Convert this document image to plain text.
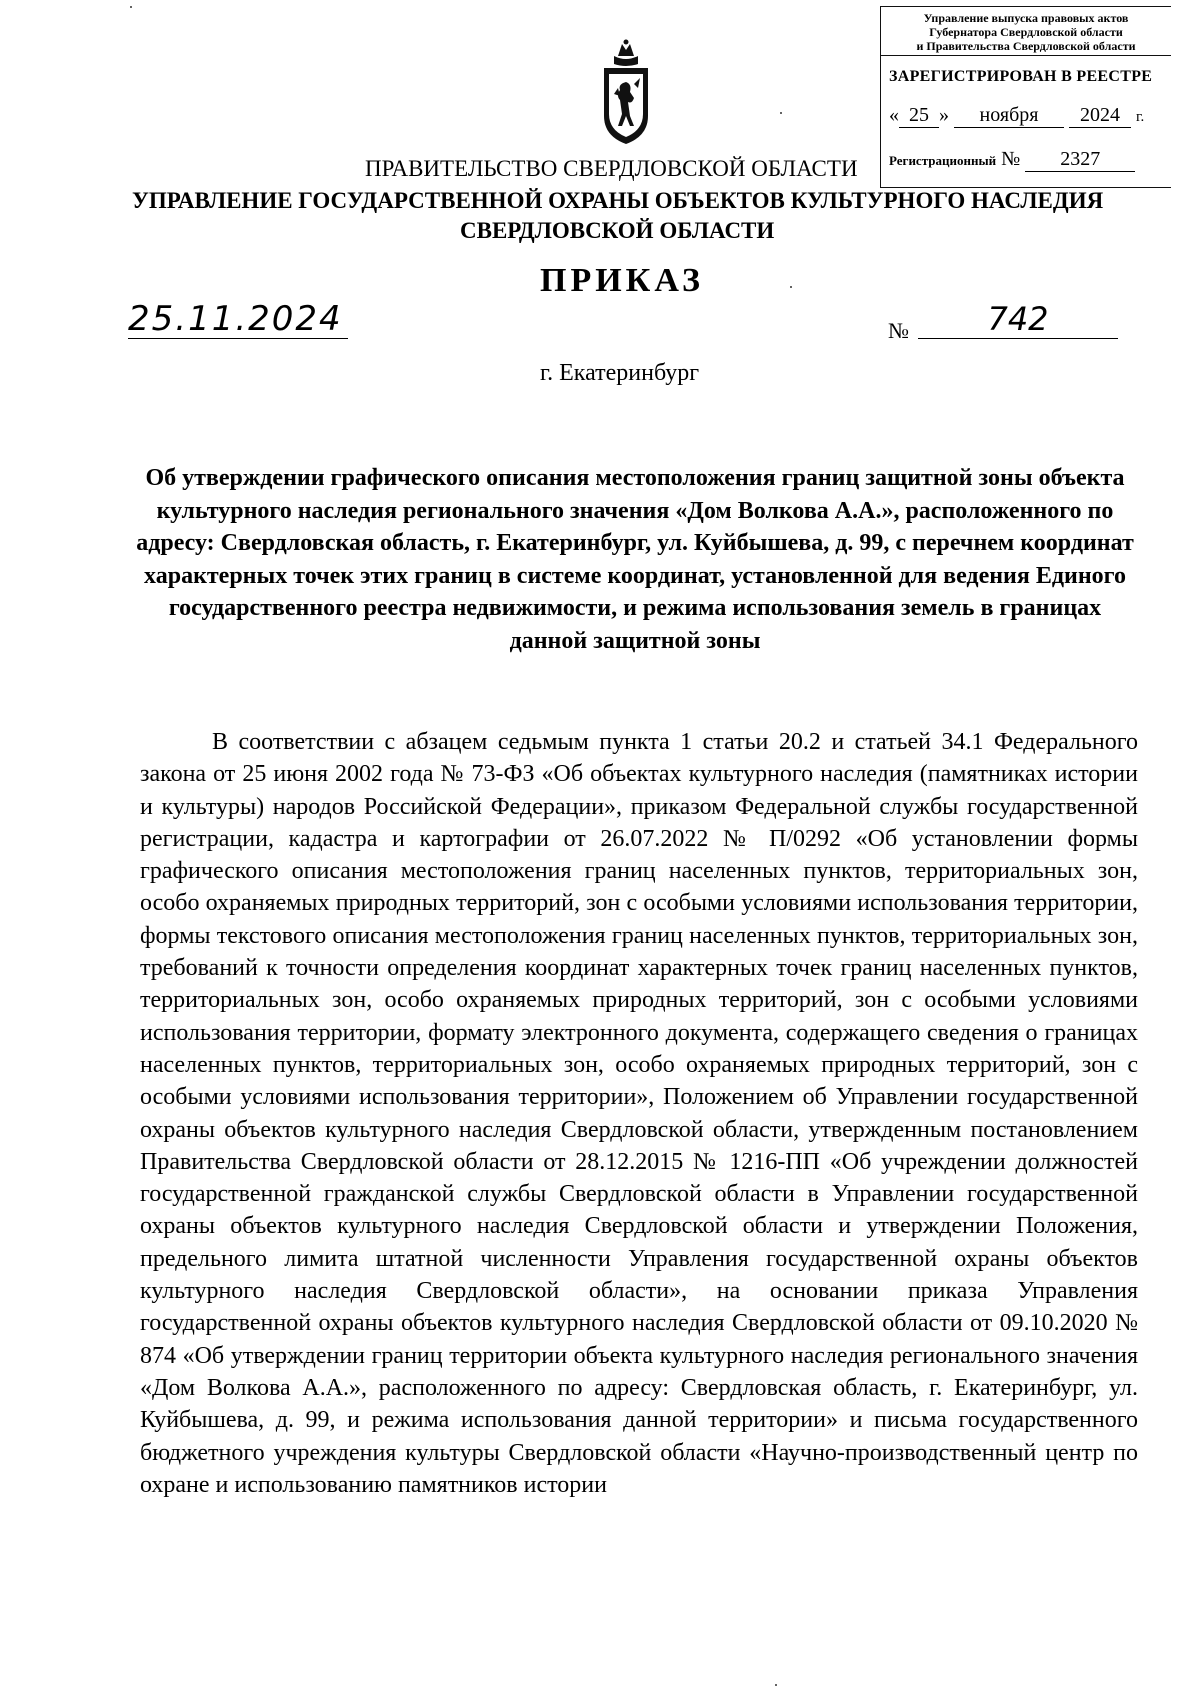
Управление выпуска правовых актов
Губернатора Свердловской области
и Правительства Свердловской области
ЗАРЕГИСТРИРОВАН В РЕЕСТРЕ
« 25 » ноября 2024 г.
Регистрационный № 2327
ПРАВИТЕЛЬСТВО СВЕРДЛОВСКОЙ ОБЛАСТИ
УПРАВЛЕНИЕ ГОСУДАРСТВЕННОЙ ОХРАНЫ ОБЪЕКТОВ КУЛЬТУРНОГО НАСЛЕДИЯ
СВЕРДЛОВСКОЙ ОБЛАСТИ
ПРИКАЗ
25.11.2024	№	742
г. Екатеринбург
Об утверждении графического описания местоположения границ защитной зоны объекта культурного наследия регионального значения «Дом Волкова А.А.», расположенного по адресу: Свердловская область, г. Екатеринбург, ул. Куйбышева, д. 99, с перечнем координат характерных точек этих границ в системе координат, установленной для ведения Единого государственного реестра недвижимости, и режима использования земель в границах данной защитной зоны
В соответствии с абзацем седьмым пункта 1 статьи 20.2 и статьей 34.1 Федерального закона от 25 июня 2002 года № 73-ФЗ «Об объектах культурного наследия (памятниках истории и культуры) народов Российской Федерации», приказом Федеральной службы государственной регистрации, кадастра и картографии от 26.07.2022 № П/0292 «Об установлении формы графического описания местоположения границ населенных пунктов, территориальных зон, особо охраняемых природных территорий, зон с особыми условиями использования территории, формы текстового описания местоположения границ населенных пунктов, территориальных зон, требований к точности определения координат характерных точек границ населенных пунктов, территориальных зон, особо охраняемых природных территорий, зон с особыми условиями использования территории, формату электронного документа, содержащего сведения о границах населенных пунктов, территориальных зон, особо охраняемых природных территорий, зон с особыми условиями использования территории», Положением об Управлении государственной охраны объектов культурного наследия Свердловской области, утвержденным постановлением Правительства Свердловской области от 28.12.2015 № 1216-ПП «Об учреждении должностей государственной гражданской службы Свердловской области в Управлении государственной охраны объектов культурного наследия Свердловской области и утверждении Положения, предельного лимита штатной численности Управления государственной охраны объектов культурного наследия Свердловской области», на основании приказа Управления государственной охраны объектов культурного наследия Свердловской области от 09.10.2020 № 874 «Об утверждении границ территории объекта культурного наследия регионального значения «Дом Волкова А.А.», расположенного по адресу: Свердловская область, г. Екатеринбург, ул. Куйбышева, д. 99, и режима использования данной территории» и письма государственного бюджетного учреждения культуры Свердловской области «Научно-производственный центр по охране и использованию памятников истории
